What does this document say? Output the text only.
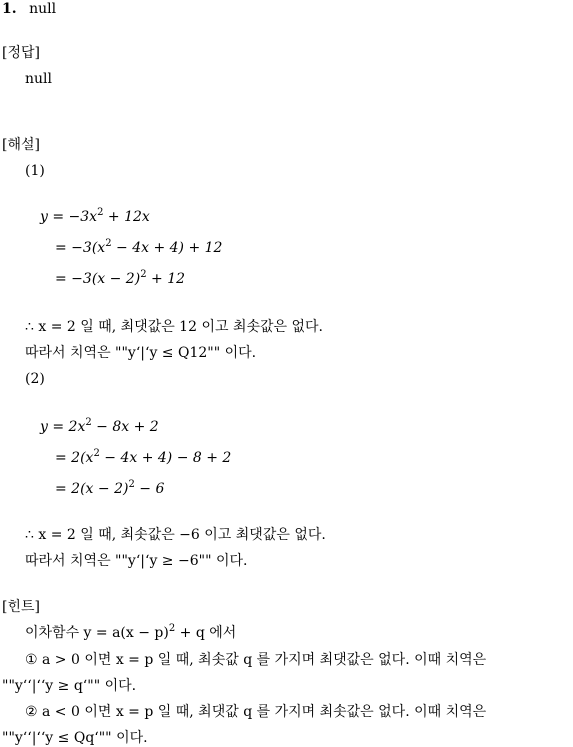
1. null
[정답]
null
[해설]
(1)
$y = -3x^2 + 12x$
= $-3(x^2 - 4x + 4) + 12$
= $-3(x - 2)^2 + 12$
∴ x = 2 일 때, 최댓값은 12 이고 최솟값은 없다.
따라서 치역은 ""y‘|‘y ≤ Q12"" 이다.
(2)
$y = 2x^2 - 8x + 2$
= $2(x^2 - 4x + 4) - 8 + 2$
= $2(x - 2)^2 - 6$
∴ x = 2 일 때, 최솟값은 −6 이고 최댓값은 없다.
따라서 치역은 ""y‘|‘y ≥ −6"" 이다.
[힌트]
이차함수 $y = a(x - p)^2 + q$ 에서
① a > 0 이면 x = p 일 때, 최솟값 q 를 가지며 최댓값은 없다. 이때 치역은
""y‘‘|‘‘y ≥ q‘"" 이다.
② a < 0 이면 x = p 일 때, 최댓값 q 를 가지며 최솟값은 없다. 이때 치역은
""y‘‘|‘‘y ≤ Qq‘"" 이다.
